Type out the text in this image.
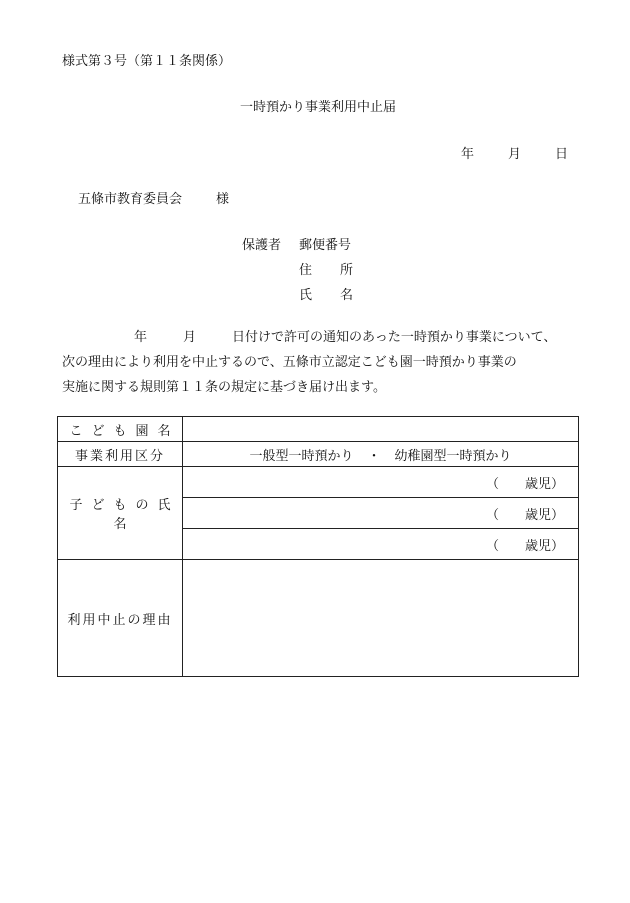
様式第３号（第１１条関係）
一時預かり事業利用中止届
年	月	日
五條市教育委員会	様
保護者 郵便番号
住 所
氏 名
年	月	日付けで許可の通知のあった一時預かり事業について、
次の理由により利用を中止するので、五條市立認定こども園一時預かり事業の
実施に関する規則第１１条の規定に基づき届け出ます。
こども園名	
事業利用区分	一般型一時預かり ・ 幼稚園型一時預かり
子どもの氏名	（ 歳児）
	（ 歳児）
	（ 歳児）
利用中止の理由	
